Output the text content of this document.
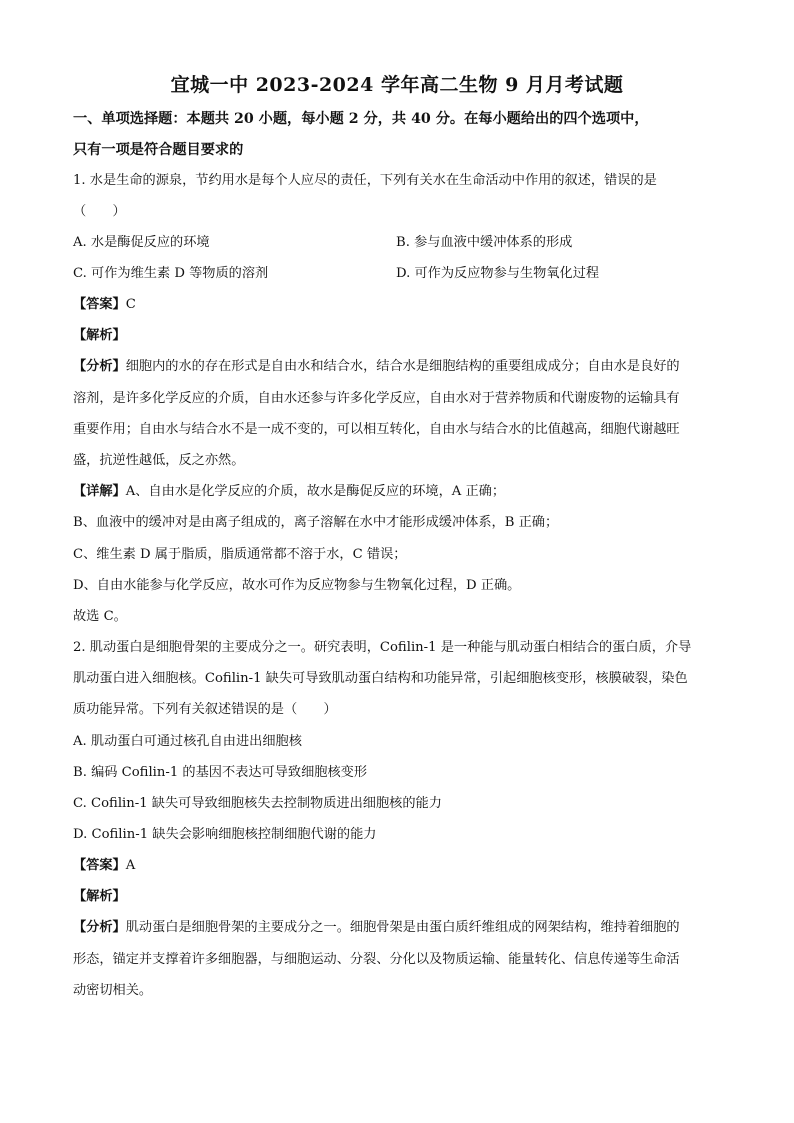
宜城一中 2023-2024 学年高二生物 9 月月考试题
一、单项选择题：本题共 20 小题，每小题 2 分，共 40 分。在每小题给出的四个选项中，
只有一项是符合题目要求的
1. 水是生命的源泉，节约用水是每个人应尽的责任，下列有关水在生命活动中作用的叙述，错误的是
（　　）
A. 水是酶促反应的环境	B. 参与血液中缓冲体系的形成
C. 可作为维生素 D 等物质的溶剂	D. 可作为反应物参与生物氧化过程
【答案】C
【解析】
【分析】细胞内的水的存在形式是自由水和结合水，结合水是细胞结构的重要组成成分；自由水是良好的
溶剂，是许多化学反应的介质，自由水还参与许多化学反应，自由水对于营养物质和代谢废物的运输具有
重要作用；自由水与结合水不是一成不变的，可以相互转化，自由水与结合水的比值越高，细胞代谢越旺
盛，抗逆性越低，反之亦然。
【详解】A、自由水是化学反应的介质，故水是酶促反应的环境，A 正确；
B、血液中的缓冲对是由离子组成的，离子溶解在水中才能形成缓冲体系，B 正确；
C、维生素 D 属于脂质，脂质通常都不溶于水，C 错误；
D、自由水能参与化学反应，故水可作为反应物参与生物氧化过程，D 正确。
故选 C。
2. 肌动蛋白是细胞骨架的主要成分之一。研究表明，Cofilin-1 是一种能与肌动蛋白相结合的蛋白质，介导
肌动蛋白进入细胞核。Cofilin-1 缺失可导致肌动蛋白结构和功能异常，引起细胞核变形，核膜破裂，染色
质功能异常。下列有关叙述错误的是（　　）
A. 肌动蛋白可通过核孔自由进出细胞核
B. 编码 Cofilin-1 的基因不表达可导致细胞核变形
C. Cofilin-1 缺失可导致细胞核失去控制物质进出细胞核的能力
D. Cofilin-1 缺失会影响细胞核控制细胞代谢的能力
【答案】A
【解析】
【分析】肌动蛋白是细胞骨架的主要成分之一。细胞骨架是由蛋白质纤维组成的网架结构，维持着细胞的
形态，锚定并支撑着许多细胞器，与细胞运动、分裂、分化以及物质运输、能量转化、信息传递等生命活
动密切相关。
